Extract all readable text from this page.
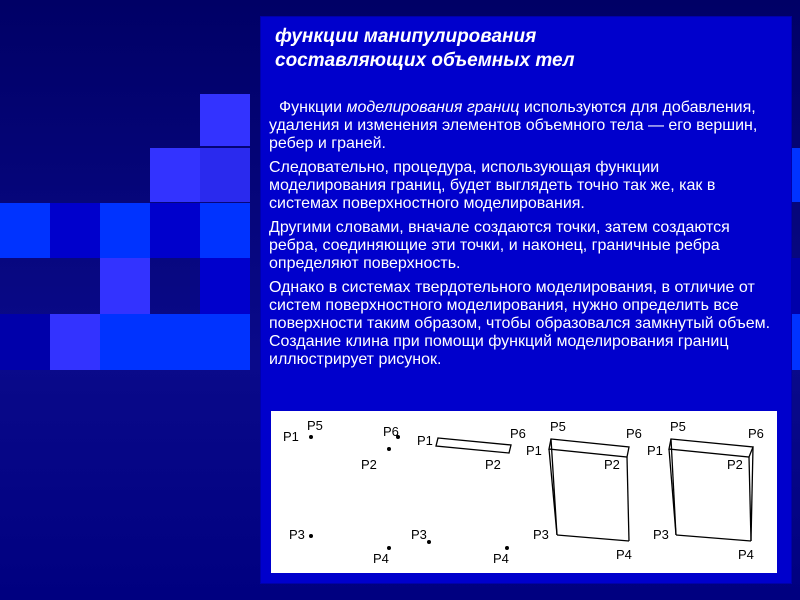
функции манипулирования
составляющих объемных тел

Функции моделирования границ используются для добавления, удаления и изменения элементов объемного тела — его вершин, ребер и граней.

Следовательно, процедура, использующая функции моделирования границ, будет выглядеть точно так же, как в системах поверхностного моделирования.

Другими словами, вначале создаются точки, затем создаются ребра, соединяющие эти точки, и наконец, граничные ребра определяют поверхность.

Однако в системах твердотельного моделирования, в отличие от систем поверхностного моделирования, нужно определить все поверхности таким образом, чтобы образовался замкнутый объем. Создание клина при помощи функций моделирования границ иллюстрирует рисунок.

P1
P5
P2
P6
P3
P4
P1	P6
P2
P3
P4
P5	P6
P1
P2
P3
P4
P5	P6
P1
P2
P3
P4
